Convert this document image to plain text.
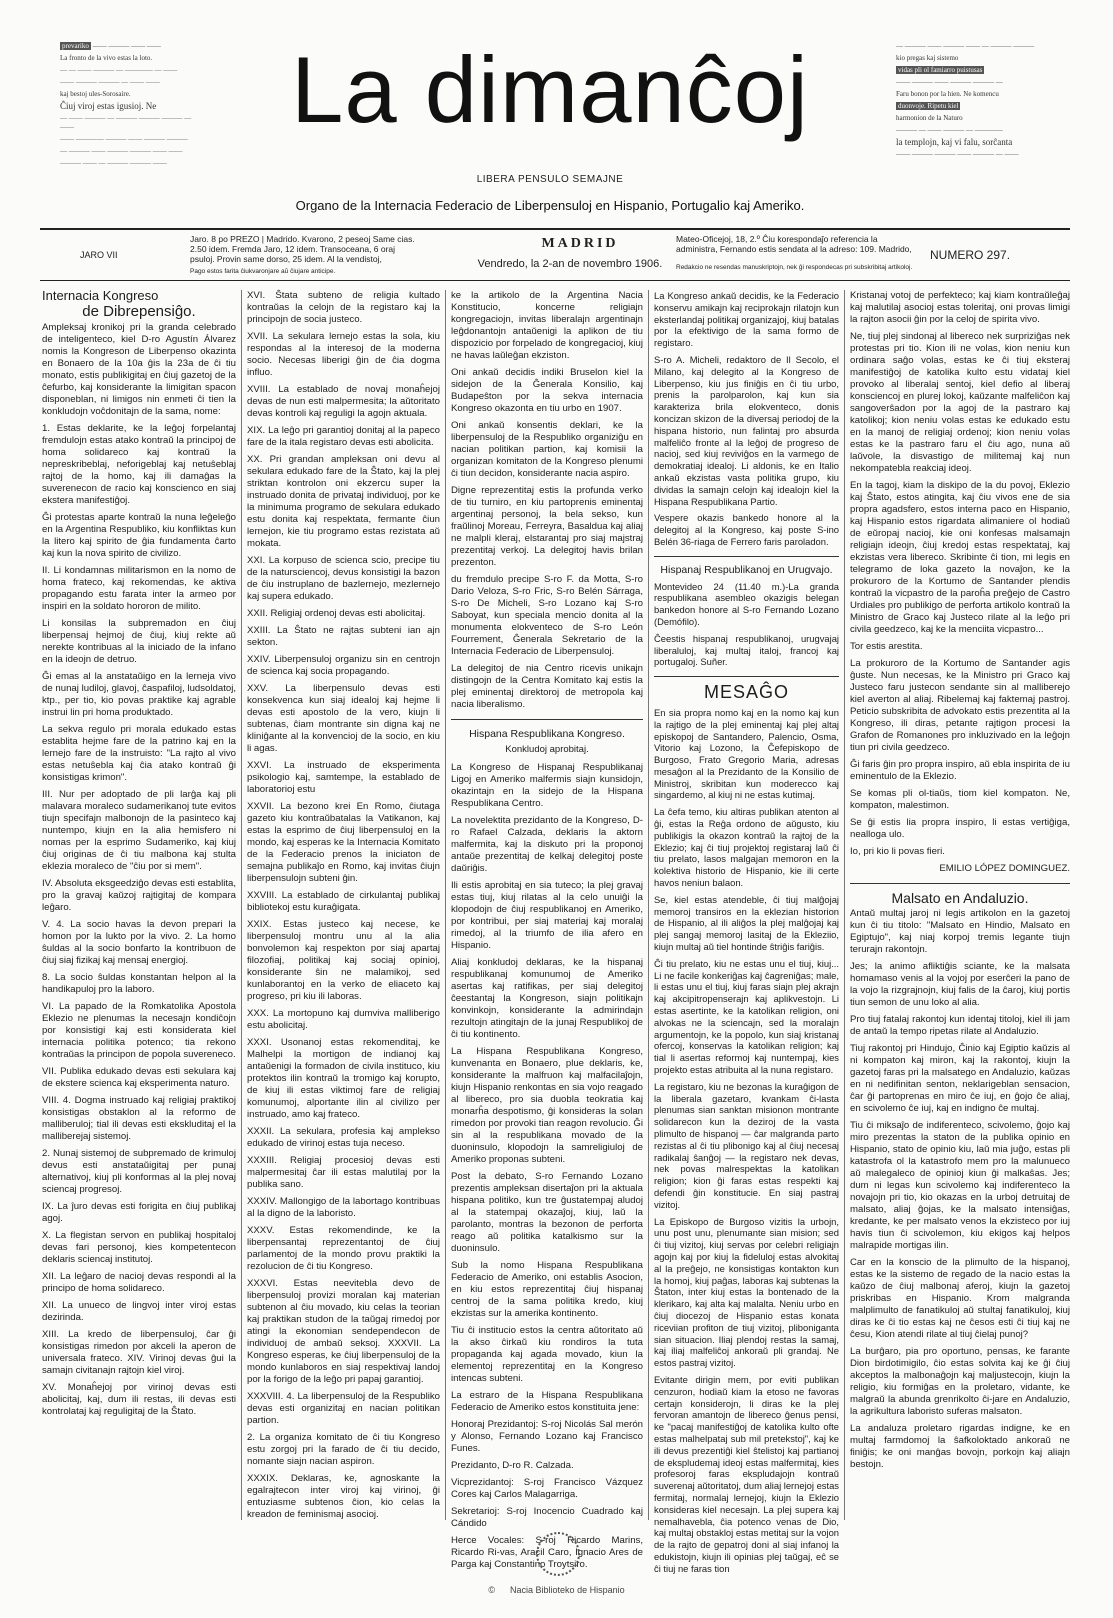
prevariko —— ——— —— ——

La fronto de la vivo estas la loto.

— — —— ——— — ———— — ——

—— ——— ——— — —— ——

kaj bestoj ules-Sorosaire.

Ĉiuj viroj estas igusioj. Ne

— —— ——— — ——— ——— ——— — ——

—— ———— ——— —— ——— ———

— ——— —— ——— ——— —— ——

——— —— — ——— ——— ——

La dimanĉoj
LIBERA PENSULO SEMAJNE
Organo de la Internacia Federacio de Liberpensuloj en Hispanio, Portugalio kaj Ameriko.

— ——— —— ——— —— — ——— ———

kio pregas kaj sistemo

vidas pli ol famiarro puistusas

—— ——— —— ——— ——— —

Faru bonon por la hien. Ne komencu

duonvoje. Ripetu kiel

harmonion de la Naturo

——— — —— ——— — ————

la templojn, kaj vi falu, sorĉanta

—— ——— ——— —— ——— — ——

JARO VII
Jaro. 8 po PREZO | Madrido. Kvarono, 2 peseoj Same cias. 2.50 idem. Fremda Jaro, 12 idem. Transoceana, 6 oraj psuloj. Provin same dorso, 25 idem. Al la vendistoj,
Pago estos farita ĉiukvaronjare aŭ ĉiujare anticipe.
MADRID
Vendredo, la 2-an de novembro 1906.
Mateo-Oficejoj, 18, 2.º Ĉiu korespondaĵo referencia la administra, Fernando estis sendata al la adreso: 109. Madrido,
Redakcio ne resendas manuskriptojn, nek ĝi respondecas pri subskribitaj artikoloj.
NUMERO 297.
Internacia Kongreso
de Dibrepensiĝo.

Ampleksaj kronikoj pri la granda celebrado de inteligenteco, kiel D-ro Agustín Álvarez nomis la Kongreson de Liberpenso okazinta en Bonaero de la 10a ĝis la 23a de ĉi tiu monato, estis publikigitaj en ĉiuj gazetoj de la ĉefurbo, kaj konsiderante la limigitan spacon disponeblan, ni limigos nin enmeti ĉi tien la konkludojn voĉdonitajn de la sama, nome:

1. Estas deklarite, ke la leĝoj forpelantaj fremdulojn estas atako kontraŭ la principoj de homa solidareco kaj kontraŭ la nepreskribeblaj, neforigeblaj kaj netuŝeblaj rajtoj de la homo, kaj ili damaĝas la suverenecon de racio kaj konscienco en siaj ekstera manifestiĝoj.

Ĝi protestas aparte kontraŭ la nuna leĝeleĝo en la Argentina Respubliko, kiu konfliktas kun la litero kaj spirito de ĝia fundamenta ĉarto kaj kun la nova spirito de civilizo.

II. Li kondamnas militarismon en la nomo de homa frateco, kaj rekomendas, ke aktiva propagando estu farata inter la armeo por inspiri en la soldato hororon de milito.

Li konsilas la subpremadon en ĉiuj liberpensaj hejmoj de ĉiuj, kiuj rekte aŭ nerekte kontribuas al la iniciado de la infano en la ideojn de detruo.

Ĝi emas al la anstataŭigo en la lerneja vivo de nunaj ludiloj, glavoj, ĉaspafiloj, ludsoldatoj, ktp., per tio, kio povas praktike kaj agrable instrui lin pri homa produktado.

La sekva regulo pri morala edukado estas establita hejme fare de la patrino kaj en la lernejo fare de la instruisto: "La rajto al vivo estas netuŝebla kaj ĉia atako kontraŭ ĝi konsistigas krimon".

III. Nur per adoptado de pli larĝa kaj pli malavara moraleco sudamerikanoj tute evitos tiujn specifajn malbonojn de la pasinteco kaj nuntempo, kiujn en la alia hemisfero ni nomas per la esprimo Sudameriko, kaj kiuj ĉiuj originas de ĉi tiu malbona kaj stulta eklezia moraleco de "ĉiu por si mem".

IV. Absoluta eksgeedziĝo devas esti establita, pro la gravaj kaŭzoj rajtigitaj de kompara leĝaro.

V. 4. La socio havas la devon prepari la homon por la lukto por la vivo. 2. La homo ŝuldas al la socio bonfarto la kontribuon de ĉiuj siaj fizikaj kaj mensaj energioj.

8. La socio ŝuldas konstantan helpon al la handikapuloj pro la laboro.

VI. La papado de la Romkatolika Apostola Eklezio ne plenumas la necesajn kondiĉojn por konsistigi kaj esti konsiderata kiel internacia politika potenco; tia rekono kontraŭas la principon de popola suvereneco.

VII. Publika edukado devas esti sekulara kaj de ekstere scienca kaj eksperimenta naturo.

VIII. 4. Dogma instruado kaj religiaj praktikoj konsistigas obstaklon al la reformo de malliberuloj; tial ili devas esti ekskluditaj el la malliberejaj sistemoj.

2. Nunaj sistemoj de subpremado de krimuloj devus esti anstataŭigitaj per punaj alternativoj, kiuj pli konformas al la plej novaj sciencaj progresoj.

IX. La ĵuro devas esti forigita en ĉiuj publikaj agoj.

X. La flegistan servon en publikaj hospitaloj devas fari personoj, kies kompetentecon deklaris sciencaj institutoj.

XII. La leĝaro de nacioj devas respondi al la principo de homa solidareco.

XII. La unueco de lingvoj inter viroj estas dezirinda.

XIII. La kredo de liberpensuloj, ĉar ĝi konsistigas rimedon por akceli la aperon de universala frateco. XIV. Virinoj devas ĝui la samajn civitanajn rajtojn kiel viroj.

XV. Monaĥejoj por virinoj devas esti abolicitaj, kaj, dum ili restas, ili devas esti kontrolataj kaj reguligitaj de la Ŝtato.

XVI. Ŝtata subteno de religia kultado kontraŭas la celojn de la registaro kaj la principojn de socia justeco.

XVII. La sekulara lernejo estas la sola, kiu respondas al la interesoj de la moderna socio. Necesas liberigi ĝin de ĉia dogma influo.

XVIII. La establado de novaj monaĥejoj devas de nun esti malpermesita; la aŭtoritato devas kontroli kaj reguligi la agojn aktuala.

XIX. La leĝo pri garantioj donitaj al la papeco fare de la itala registaro devas esti abolicita.

XX. Pri grandan ampleksan oni devu al sekulara edukado fare de la Ŝtato, kaj la plej striktan kontrolon oni ekzercu super la instruado donita de privataj individuoj, por ke la minimuma programo de sekulara edukado estu donita kaj respektata, fermante ĉiun lernejon, kie tiu programo estas rezistata aŭ mokata.

XXI. La korpuso de scienca scio, precipe tiu de la natursciencoj, devus konsistigi la bazon de ĉiu instruplano de bazlernejo, mezlernejo kaj supera edukado.

XXII. Religiaj ordenoj devas esti abolicitaj.

XXIII. La Ŝtato ne rajtas subteni ian ajn sekton.

XXIV. Liberpensuloj organizu sin en centrojn de scienca kaj socia propagando.

XXV. La liberpensulo devas esti konsekvenca kun siaj idealoj kaj hejme li devas esti apostolo de la vero, kiujn li subtenas, ĉiam montrante sin digna kaj ne kliniĝante al la konvencioj de la socio, en kiu li agas.

XXVI. La instruado de eksperimenta psikologio kaj, samtempe, la establado de laboratorioj estu

XXVII. La bezono krei En Romo, ĉiutaga gazeto kiu kontraŭbatalas la Vatikanon, kaj estas la esprimo de ĉiuj liberpensuloj en la mondo, kaj esperas ke la Internacia Komitato de la Federacio prenos la iniciaton de semajna publikaĵo en Romo, kaj invitas ĉiujn liberpensulojn subteni ĝin.

XXVIII. La establado de cirkulantaj publikaj bibliotekoj estu kuraĝigata.

XXIX. Estas justeco kaj necese, ke liberpensuloj montru unu al la alia bonvolemon kaj respekton por siaj apartaj filozofiaj, politikaj kaj sociaj opinioj, konsiderante ŝin ne malamikoj, sed kunlaborantoj en la verko de eliaceto kaj progreso, pri kiu ili laboras.

XXX. La mortopuno kaj dumviva malliberigo estu abolicitaj.

XXXI. Usonanoj estas rekomenditaj, ke Malhelpi la mortigon de indianoj kaj antaŭenigi la formadon de civila instituco, kiu protektos ilin kontraŭ la tromigo kaj korupto, de kiuj ili estas viktimoj fare de religiaj komunumoj, alportante ilin al civilizo per instruado, amo kaj frateco.

XXXII. La sekulara, profesia kaj amplekso edukado de virinoj estas tuja neceso.

XXXIII. Religiaj procesioj devas esti malpermesitaj ĉar ili estas malutilaj por la publika sano.

XXXIV. Mallongigo de la labortago kontribuas al la digno de la laboristo.

XXXV. Estas rekomendinde, ke la liberpensantaj reprezentantoj de ĉiuj parlamentoj de la mondo provu praktiki la rezolucion de ĉi tiu Kongreso.

XXXVI. Estas neevitebla devo de liberpensuloj provizi moralan kaj materian subtenon al ĉiu movado, kiu celas la teorian kaj praktikan studon de la taŭgaj rimedoj por atingi la ekonomian sendependecon de individuoj de ambaŭ seksoj. XXXVII. La Kongreso esperas, ke ĉiuj liberpensuloj de la mondo kunlaboros en siaj respektivaj landoj por la forigo de la leĝo pri papaj garantioj.

XXXVIII. 4. La liberpensuloj de la Respubliko devas esti organizitaj en nacian politikan partion.

2. La organiza komitato de ĉi tiu Kongreso estu zorgoj pri la farado de ĉi tiu decido, nomante siajn nacian aspiron.

XXXIX. Deklaras, ke, agnoskante la egalrajtecon inter viroj kaj virinoj, ĝi entuziasme subtenos ĉion, kio celas la kreadon de feminismaj asocioj.

ke la artikolo de la Argentina Nacia Konstitucio, koncerne religiajn kongregaciojn, invitas liberalajn argentinajn leĝdonantojn antaŭenigi la aplikon de tiu dispozicio por forpelado de kongregacioj, kiuj ne havas laŭleĝan ekziston.

Oni ankaŭ decidis indiki Bruselon kiel la sidejon de la Ĝenerala Konsilio, kaj Budapeŝton por la sekva internacia Kongreso okazonta en tiu urbo en 1907.

Oni ankaŭ konsentis deklari, ke la liberpensuloj de la Respubliko organiziĝu en nacian politikan partion, kaj komisii la organizan komitaton de la Kongreso plenumi ĉi tiun decidon, konsiderante nacia aspiro.

Digne reprezentitaj estis la profunda verko de tiu turniro, en kiu partoprenis eminentaj argentinaj personoj, la bela sekso, kun fraŭlinoj Moreau, Ferreyra, Basaldua kaj aliaj ne malpli kleraj, elstarantaj pro siaj majstraj prezentitaj verkoj. La delegitoj havis brilan prezenton.

du fremdulo precipe S-ro F. da Motta, S-ro Dario Veloza, S-ro Fric, S-ro Belén Sárraga, S-ro De Micheli, S-ro Lozano kaj S-ro Saboyat, kun speciala mencio donita al la monumenta elokventeco de S-ro León Fourrement, Ĝenerala Sekretario de la Internacia Federacio de Liberpensuloj.

La delegitoj de nia Centro ricevis unikajn distingojn de la Centra Komitato kaj estis la plej eminentaj direktoroj de metropola kaj nacia liberalismo.

Hispana Respublikana Kongreso.
Konkludoj aprobitaj.

La Kongreso de Hispanaj Respublikanaj Ligoj en Ameriko malfermis siajn kunsidojn, okazintajn en la sidejo de la Hispana Respublikana Centro.

La novelektita prezidanto de la Kongreso, D-ro Rafael Calzada, deklaris la aktorn malfermita, kaj la diskuto pri la proponoj antaŭe prezentitaj de kelkaj delegitoj poste daŭriĝis.

Ili estis aprobitaj en sia tuteco; la plej gravaj estas tiuj, kiuj rilatas al la celo unuiĝi la klopodojn de ĉiuj respublikanoj en Ameriko, por kontribui, per siaj materiaj kaj moralaj rimedoj, al la triumfo de ilia afero en Hispanio.

Aliaj konkludoj deklaras, ke la hispanaj respublikanaj komunumoj de Ameriko asertas kaj ratifikas, per siaj delegitoj ĉeestantaj la Kongreson, siajn politikajn konvinkojn, konsiderante la admirindajn rezultojn atingitajn de la junaj Respublikoj de ĉi tiu kontinento.

La Hispana Respublikana Kongreso, kunvenanta en Bonaero, plue deklaris, ke, konsiderante la malfruon kaj malfacilaĵojn, kiujn Hispanio renkontas en sia vojo reagado al libereco, pro sia duobla teokratia kaj monarĥa despotismo, ĝi konsideras la solan rimedon por provoki tian reagon revolucio. Ĝi sin al la respublikana movado de la duoninsulo, klopodojn la samreligiuloj de Ameriko proponas subteni.

Post la debato, S-ro Fernando Lozano prezentis ampleksan disertaĵon pri la aktuala hispana politiko, kun tre ĝustatempaj aludoj al la statempaj okazaĵoj, kiuj, laŭ la parolanto, montras la bezonon de perforta reago aŭ politika katalkismo sur la duoninsulo.

Sub la nomo Hispana Respublikana Federacio de Ameriko, oni establis Asocion, en kiu estos reprezentitaj ĉiuj hispanaj centroj de la sama politika kredo, kiuj ekzistas sur la amerika kontinento.

Tiu ĉi institucio estos la centra aŭtoritato aŭ la akso ĉirkaŭ kiu rondiros la tuta propaganda kaj agada movado, kiun la elementoj reprezentitaj en la Kongreso intencas subteni.

La estraro de la Hispana Respublikana Federacio de Ameriko estos konstituita jene:

Honoraj Prezidantoj: S-roj Nicolás Sal merón y Alonso, Fernando Lozano kaj Francisco Funes.

Prezidanto, D-ro R. Calzada.

Vicprezidantoj: S-roj Francisco Vázquez Cores kaj Carlos Malagarriga.

Sekretarioj: S-roj Inocencio Cuadrado kaj Cándido

Herce Vocales: S-roj Ricardo Marins, Ricardo Ri-vas, Aracil Caro, Ignacio Ares de Parga kaj Constantino Troytsiro.

La Kongreso ankaŭ decidis, ke la Federacio konservu amikajn kaj reciprokajn rilatojn kun eksterlandaj politikaj organizajoj, kiuj batalas por la efektivigo de la sama formo de registaro.

S-ro A. Micheli, redaktoro de Il Secolo, el Milano, kaj delegito al la Kongreso de Liberpenso, kiu jus finiĝis en ĉi tiu urbo, prenis la parolparolon, kaj kun sia karakteriza brila elokventeco, donis koncizan skizon de la diversaj periodoj de la hispana historio, nun falintaj pro absurda malfeliĉo fronte al la leĝoj de progreso de nacioj, sed kiuj reviviĝos en la varmego de demokratiaj idealoj. Li aldonis, ke en Italio ankaŭ ekzistas vasta politika grupo, kiu dividas la samajn celojn kaj idealojn kiel la Hispana Respublikana Partio.

Vespere okazis bankedo honore al la delegitoj al la Kongreso, kaj poste S-ino Belén 36-riaga de Ferrero faris paroladon.

Hispanaj Respublikanoj en Urugvajo.

Montevideo 24 (11.40 m.)-La granda respublikana asembleo okazigis belegan bankedon honore al S-ro Fernando Lozano (Demófilo).

Ĉeestis hispanaj respublikanoj, urugvajaj liberaluloj, kaj multaj italoj, francoj kaj portugaloj. Suñer.

MESAĜO

En sia propra nomo kaj en la nomo kaj kun la rajtigo de la plej eminentaj kaj plej altaj episkopoj de Santandero, Palencio, Osma, Vitorio kaj Lozono, la Ĉefepiskopo de Burgoso, Frato Gregorio Maria, adresas mesaĝon al la Prezidanto de la Konsilio de Ministroj, skribitan kun moderecco kaj singardemo, al kiuj ni ne estas kutimaj.

La ĉefa temo, kiu altiras publikan atenton al ĝi, estas la Reĝa ordono de aŭgusto, kiu publikigis la okazon kontraŭ la rajtoj de la Eklezio; kaj ĉi tiuj projektoj registaraj laŭ ĉi tiu prelato, lasos malgajan memoron en la kolektiva historio de Hispanio, kie ili certe havos neniun balaon.

Se, kiel estas atendeble, ĉi tiuj malĝojaj memoroj transiros en la eklezian historion de Hispanio, al ili aliĝos la plej malĝojaj kaj plej sangaj memoroj lasitaj de la Ekleziio, kiujn multaj aŭ tiel hontinde ŝtriĝis fariĝis.

Ĉi tiu prelato, kiu ne estas unu el tiuj, kiuj... Li ne facile konkeriĝas kaj ĉagreniĝas; male, li estas unu el tiuj, kiuj faras siajn plej akrajn kaj akcipitropenserajn kaj aplikvestojn. Li estas asertinte, ke la katolikan religion, oni alvokas ne la sciencajn, sed la moralajn argumentojn, ke la popolo, kun siaj kristanaj ofercoj, konservas la katolikan religion; kaj tial li asertas reformoj kaj nuntempaj, kies projekto estas atribuita al la nuna registaro.

La registaro, kiu ne bezonas la kuraĝigon de la liberala gazetaro, kvankam ĉi-lasta plenumas sian sanktan misionon montrante solidarecon kun la deziroj de la vasta plimulto de hispanoj — ĉar malgranda parto rezistas al ĉi tiu plibonigo kaj al ĉiuj necesaj radikalaj ŝanĝoj — la registaro nek devas, nek povas malrespektas la katolikan religion; kion ĝi faras estas respekti kaj defendi ĝin konstitucie. En siaj pastraj vizitoj.

La Episkopo de Burgoso vizitis la urbojn, unu post unu, plenumante sian mision; sed ĉi tiuj vizitoj, kiuj servas por celebri religiajn agojn kaj por kiuj la fideluloj estas alvokitaj al la preĝejo, ne konsistigas kontakton kun la homoj, kiuj paĝas, laboras kaj subtenas la Ŝtaton, inter kiuj estas la bontenado de la klerikaro, kaj alta kaj malalta. Neniu urbo en ĉiuj diocezoj de Hispanio estas konata riceviian profiton de tiuj vizitoj, pliboniganta sian situacion. Iliaj plendoj restas la samaj, kaj iliaj malfeliĉoj ankoraŭ pli grandaj. Ne estos pastraj vizitoj.

Evitante dirigin mem, por eviti publikan cenzuron, hodiaŭ kiam la etoso ne favoras certajn konsiderojn, li diras ke la plej fervoran amantojn de libereco ĝenus pensi, ke "pacaj manifestiĝoj de katolika kulto ofte estas malhelpataj sub mil pretekstoj", kaj ke ili devus prezentiĝi kiel ŝtelistoj kaj partianoj de ekspludemaj ideoj estas malfermitaj, kies profesoroj faras ekspludajojn kontraŭ suverenaj aŭtoritatoj, dum aliaj lernejoj estas fermitaj, normalaj lernejoj, kiujn la Eklezio konsideras kiel necesajn. La plej supera kaj nemalhavebla, ĉia potenco venas de Dio, kaj multaj obstakloj estas metitaj sur la vojon de la rajto de gepatroj doni al siaj infanoj la edukistojn, kiujn ili opinias plej taŭgaj, eĉ se ĉi tiuj ne faras tion

Kristanaj votoj de perfekteco; kaj kiam kontraŭleĝaj kaj malutilaj asocioj estas toleritaj, oni provas limigi la rajton asocii ĝin por la celoj de spirita vivo.

Ne, tiuj plej sindonaj al libereco nek surpriziĝas nek protestas pri tio. Kion ili ne volas, kion neniu kun ordinara saĝo volas, estas ke ĉi tiuj eksteraj manifestiĝoj de katolika kulto estu vidataj kiel provoko al liberalaj sentoj, kiel defio al liberaj konsciencoj en plurej lokoj, kaŭzante malfeliĉon kaj sangoverŝadon por la agoj de la pastraro kaj katolikoj; kion neniu volas estas ke edukado estu en la manoj de religiaj ordenoj; kion neniu volas estas ke la pastraro faru el ĉiu ago, nuna aŭ laŭvole, la disvastigo de militemaj kaj nun nekompatebla reakciaj ideoj.

En la tagoj, kiam la diskipo de la du povoj, Eklezio kaj Ŝtato, estos atingita, kaj ĉiu vivos ene de sia propra agadsfero, estos interna paco en Hispanio, kaj Hispanio estos rigardata alimaniere ol hodiaŭ de eŭropaj nacioj, kie oni konfesas malsamajn religiajn ideojn, ĉiuj kredoj estas respektataj, kaj ekzistas vera libereco. Skribinte ĉi tion, mi legis en telegramo de loka gazeto la novaĵon, ke la prokuroro de la Kortumo de Santander plendis kontraŭ la vicpastro de la paroĥa preĝejo de Castro Urdiales pro publikigo de perforta artikolo kontraŭ la Ministro de Graco kaj Justeco rilate al la leĝo pri civila geedzeco, kaj ke la menciita vicpastro...

Tor estis arestita.

La prokuroro de la Kortumo de Santander agis ĝuste. Nun necesas, ke la Ministro pri Graco kaj Justeco faru justecon sendante sin al malliberejo kiel averton al aliaj. Ribelemaj kaj faktemaj pastroj. Peticio subskribita de advokato estis prezentita al la Kongreso, ili diras, petante rajtigon procesi la Grafon de Romanones pro inkluzivado en la leĝojn tiun pri civila geedzeco.

Ĝi faris ĝin pro propra inspiro, aŭ ebla inspirita de iu eminentulo de la Eklezio.

Se komas pli ol-tiaŭs, tiom kiel kompaton. Ne, kompaton, malestimon.

Se ĝi estis lia propra inspiro, li estas vertiĝiga, nealloga ulo.

Io, pri kio li povas fieri.

EMILIO LÓPEZ DOMINGUEZ.

Malsato en Andaluzio.

Antaŭ multaj jaroj ni legis artikolon en la gazetoj kun ĉi tiu titolo: "Malsato en Hindio, Malsato en Egiptujo", kaj niaj korpoj tremis legante tiujn terurajn rakontojn.

Jes; la animo afliktiĝis sciante, ke la malsata homamaso venis al la vojoj por eserĉeri la pano de la vojo la rizgrajnojn, kiuj falis de la ĉaroj, kiuj portis tiun semon de unu loko al alia.

Pro tiuj fatalaj rakontoj kun identaj titoloj, kiel ili jam de antaŭ la tempo ripetas rilate al Andaluzio.

Tiuj rakontoj pri Hindujo, Ĉinio kaj Egiptio kaŭzis al ni kompaton kaj miron, kaj la rakontoj, kiujn la gazetoj faras pri la malsatego en Andaluzio, kaŭzas en ni nedifinitan senton, neklarigeblan sensacion, ĉar ĝi partoprenas en miro ĉe iuj, en ĝojo ĉe aliaj, en scivolemo ĉe iuj, kaj en indigno ĉe multaj.

Tiu ĉi miksaĵo de indiferenteco, scivolemo, ĝojo kaj miro prezentas la staton de la publika opinio en Hispanio, stato de opinio kiu, laŭ mia juĝo, estas pli katastrofa ol la katastrofo mem pro la malunueco aŭ malegaleco de opinioj kiun ĝi malkaŝas. Jes; dum ni legas kun scivolemo kaj indiferenteco la novajojn pri tio, kio okazas en la urboj detruitaj de malsato, aliaj ĝojas, ke la malsato intensiĝas, kredante, ke per malsato venos la ekzisteco por iuj havis tiun ĉi scivolemon, kiu ekigos kaj helpos malrapide mortigas ilin.

Car en la konscio de la plimulto de la hispanoj, estas ke la sistemo de regado de la nacio estas la kaŭzo de ĉiuj malbonaj aferoj, kiujn la gazetoj priskribas en Hispanio. Krom malgranda malplimulto de fanatikuloj aŭ stultaj fanatikuloj, kiuj diras ke ĉi tio estas kaj ne ĉesos esti ĉi tiuj kaj ne ĉesu, Kion atendi rilate al tiuj ĉielaj punoj?

La burĝaro, pia pro oportuno, pensas, ke farante Dion birdotimigilo, ĉio estas solvita kaj ke ĝi ĉiuj akceptos la malbonaĝojn kaj maljustecojn, kiujn la religio, kiu formiĝas en la proletaro, vidante, ke malgraŭ la abunda grenrikolto ĉi-jare en Andaluzio, la agrikultura laboristo suferas malsaton.

La andaluza proletaro rigardas indigne, ke en multaj farmdomoj la ŝafkoloktado ankoraŭ ne finiĝis; ke oni manĝas bovojn, porkojn kaj aliajn bestojn.

© Nacia Biblioteko de Hispanio
